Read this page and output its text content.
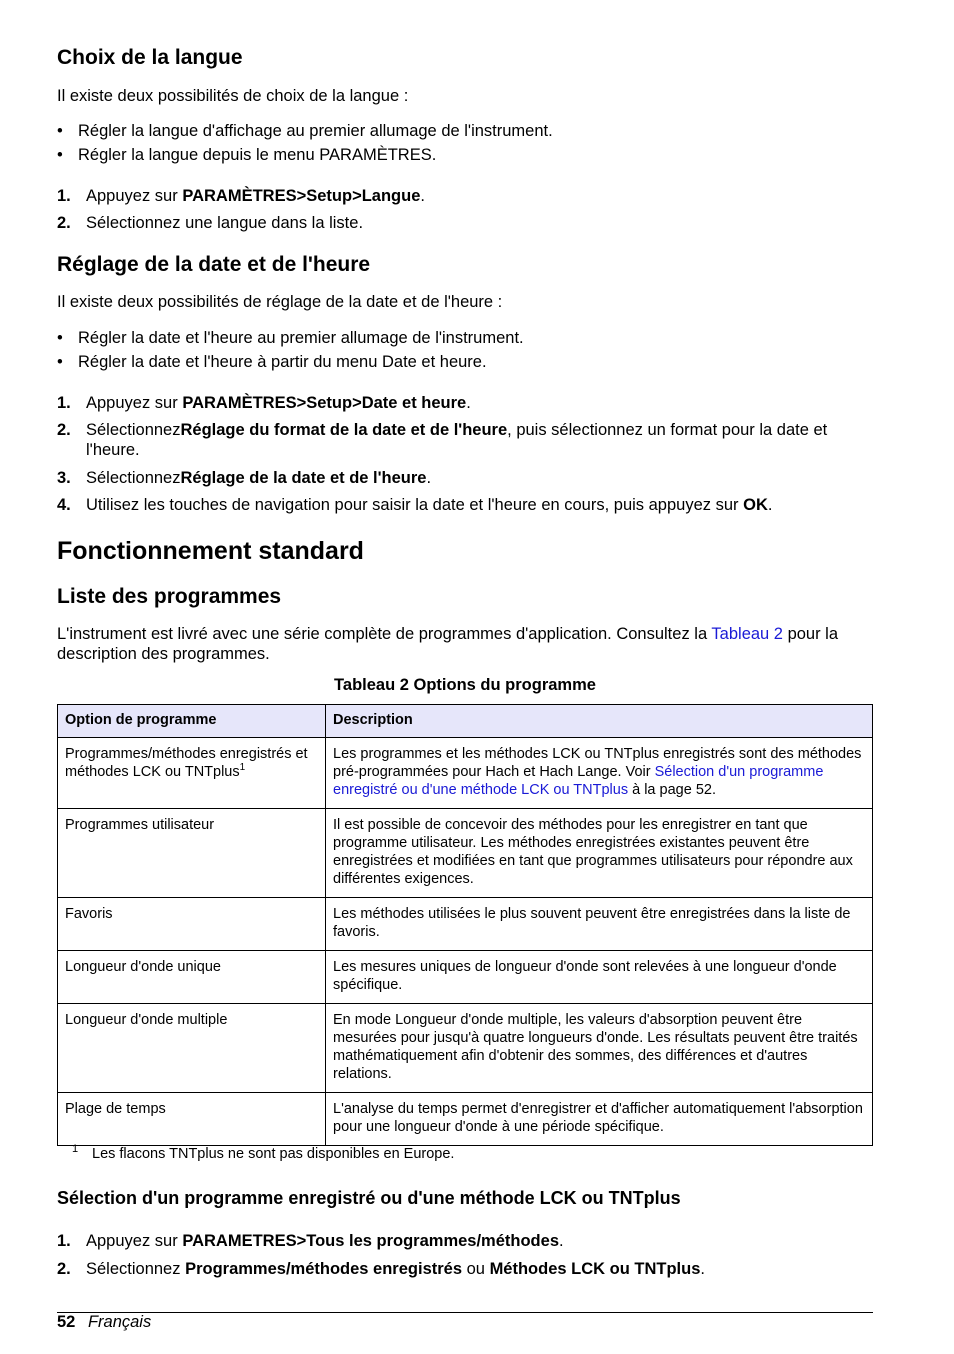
Choix de la langue
Il existe deux possibilités de choix de la langue :
• Régler la langue d'affichage au premier allumage de l'instrument.
• Régler la langue depuis le menu PARAMÈTRES.
1. Appuyez sur PARAMÈTRES>Setup>Langue.
2. Sélectionnez une langue dans la liste.
Réglage de la date et de l'heure
Il existe deux possibilités de réglage de la date et de l'heure :
• Régler la date et l'heure au premier allumage de l'instrument.
• Régler la date et l'heure à partir du menu Date et heure.
1. Appuyez sur PARAMÈTRES>Setup>Date et heure.
2. SélectionnezRéglage du format de la date et de l'heure, puis sélectionnez un format pour la date et l'heure.
3. SélectionnezRéglage de la date et de l'heure.
4. Utilisez les touches de navigation pour saisir la date et l'heure en cours, puis appuyez sur OK.
Fonctionnement standard
Liste des programmes
L'instrument est livré avec une série complète de programmes d'application. Consultez la Tableau 2 pour la description des programmes.
Tableau 2 Options du programme
Option de programme	Description
Programmes/méthodes enregistrés et méthodes LCK ou TNTplus$^1$	Les programmes et les méthodes LCK ou TNTplus enregistrés sont des méthodes pré-programmées pour Hach et Hach Lange. Voir Sélection d'un programme enregistré ou d'une méthode LCK ou TNTplus à la page 52.
Programmes utilisateur	Il est possible de concevoir des méthodes pour les enregistrer en tant que programme utilisateur. Les méthodes enregistrées existantes peuvent être enregistrées et modifiées en tant que programmes utilisateurs pour répondre aux différentes exigences.
Favoris	Les méthodes utilisées le plus souvent peuvent être enregistrées dans la liste de favoris.
Longueur d'onde unique	Les mesures uniques de longueur d'onde sont relevées à une longueur d'onde spécifique.
Longueur d'onde multiple	En mode Longueur d'onde multiple, les valeurs d'absorption peuvent être mesurées pour jusqu'à quatre longueurs d'onde. Les résultats peuvent être traités mathématiquement afin d'obtenir des sommes, des différences et d'autres relations.
Plage de temps	L'analyse du temps permet d'enregistrer et d'afficher automatiquement l'absorption pour une longueur d'onde à une période spécifique.
1 Les flacons TNTplus ne sont pas disponibles en Europe.
Sélection d'un programme enregistré ou d'une méthode LCK ou TNTplus
1. Appuyez sur PARAMETRES>Tous les programmes/méthodes.
2. Sélectionnez Programmes/méthodes enregistrés ou Méthodes LCK ou TNTplus.
52 Français
